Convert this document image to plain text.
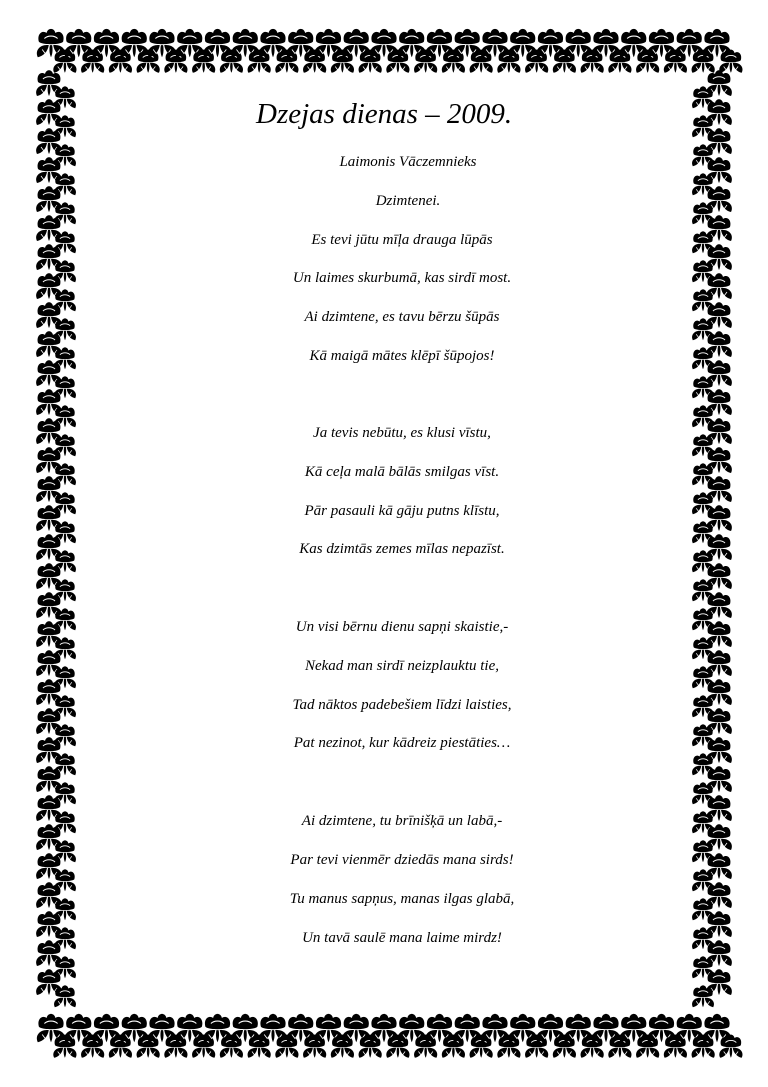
Dzejas dienas – 2009.
Laimonis Vāczemnieks
Dzimtenei.
Es tevi jūtu mīļa drauga lūpās
Un laimes skurbumā, kas sirdī most.
Ai dzimtene, es tavu bērzu šūpās
Kā maigā mātes klēpī šūpojos!
Ja tevis nebūtu, es klusi vīstu,
Kā ceļa malā bālās smilgas vīst.
Pār pasauli kā gāju putns klīstu,
Kas dzimtās zemes mīlas nepazīst.
Un visi bērnu dienu sapņi skaistie,-
Nekad man sirdī neizplauktu tie,
Tad nāktos padebešiem līdzi laisties,
Pat nezinot, kur kādreiz piestāties…
Ai dzimtene, tu brīnišķā un labā,-
Par tevi vienmēr dziedās mana sirds!
Tu manus sapņus, manas ilgas glabā,
Un tavā saulē mana laime mirdz!
